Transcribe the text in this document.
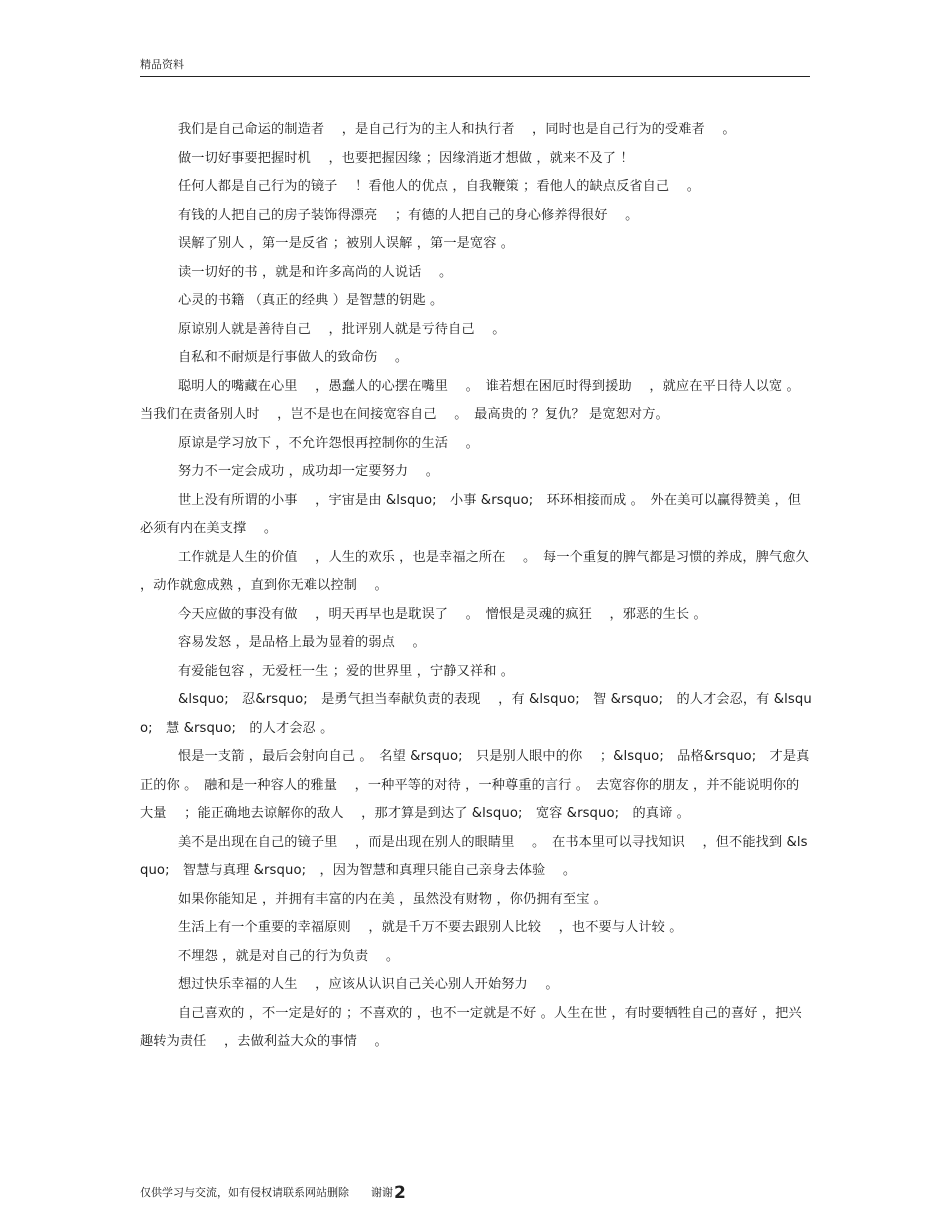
精品资料

我们是自己命运的制造者　 ，是自己行为的主人和执行者　 ，同时也是自己行为的受难者　 。

做一切好事要把握时机　 ，也要把握因缘 ；因缘消逝才想做 ，就来不及了 ！

任何人都是自己行为的镜子　 ！看他人的优点 ，自我鞭策 ；看他人的缺点反省自己　 。

有钱的人把自己的房子装饰得漂亮　 ；有德的人把自己的身心修养得很好　 。

误解了别人 ，第一是反省 ；被别人误解 ，第一是宽容 。

读一切好的书 ，就是和许多高尚的人说话　 。

心灵的书籍 （真正的经典 ）是智慧的钥匙 。

原谅别人就是善待自己　 ，批评别人就是亏待自己　 。

自私和不耐烦是行事做人的致命伤　 。

聪明人的嘴藏在心里　 ，愚蠢人的心摆在嘴里　 。　谁若想在困厄时得到援助　 ，就应在平日待人以宽 。　当我们在责备别人时　 ，岂不是也在间接宽容自己　 。　最高贵的 ？复仇？ 是宽恕对方。

原谅是学习放下 ，不允许怨恨再控制你的生活　 。

努力不一定会成功 ，成功却一定要努力　 。

世上没有所谓的小事　 ，宇宙是由 &lsquo;　小事 &rsquo;　环环相接而成 。　外在美可以赢得赞美 ，但必须有内在美支撑　 。

工作就是人生的价值　 ，人生的欢乐 ，也是幸福之所在　 。　每一个重复的脾气都是习惯的养成，脾气愈久 ，动作就愈成熟 ，直到你无难以控制　 。

今天应做的事没有做　 ，明天再早也是耽误了　 。　憎恨是灵魂的疯狂　 ，邪恶的生长 。

容易发怒 ，是品格上最为显着的弱点　 。

有爱能包容 ，无爱枉一生 ；爱的世界里 ，宁静又祥和 。

&lsquo;　忍&rsquo;　是勇气担当奉献负责的表现　 ，有 &lsquo;　智 &rsquo;　的人才会忍，有 &lsquo;　慧 &rsquo;　的人才会忍 。

恨是一支箭 ，最后会射向自己 。　名望 &rsquo;　只是别人眼中的你　 ；&lsquo;　品格&rsquo;　才是真正的你 。　融和是一种容人的雅量　 ，一种平等的对待 ，一种尊重的言行 。　去宽容你的朋友 ，并不能说明你的大量　 ；能正确地去谅解你的敌人　 ，那才算是到达了 &lsquo;　宽容 &rsquo;　的真谛 。

美不是出现在自己的镜子里　 ，而是出现在别人的眼睛里　 。　在书本里可以寻找知识　 ，但不能找到 &lsquo;　智慧与真理 &rsquo;　，因为智慧和真理只能自己亲身去体验　 。

如果你能知足 ，并拥有丰富的内在美 ，虽然没有财物 ，你仍拥有至宝 。

生活上有一个重要的幸福原则　 ，就是千万不要去跟别人比较　 ，也不要与人计较 。

不埋怨 ，就是对自己的行为负责　 。

想过快乐幸福的人生　 ，应该从认识自己关心别人开始努力　 。

自己喜欢的 ，不一定是好的 ；不喜欢的 ，也不一定就是不好 。人生在世 ，有时要牺牲自己的喜好 ，把兴趣转为责任　 ，去做利益大众的事情　 。

仅供学习与交流，如有侵权请联系网站删除　　谢谢2
